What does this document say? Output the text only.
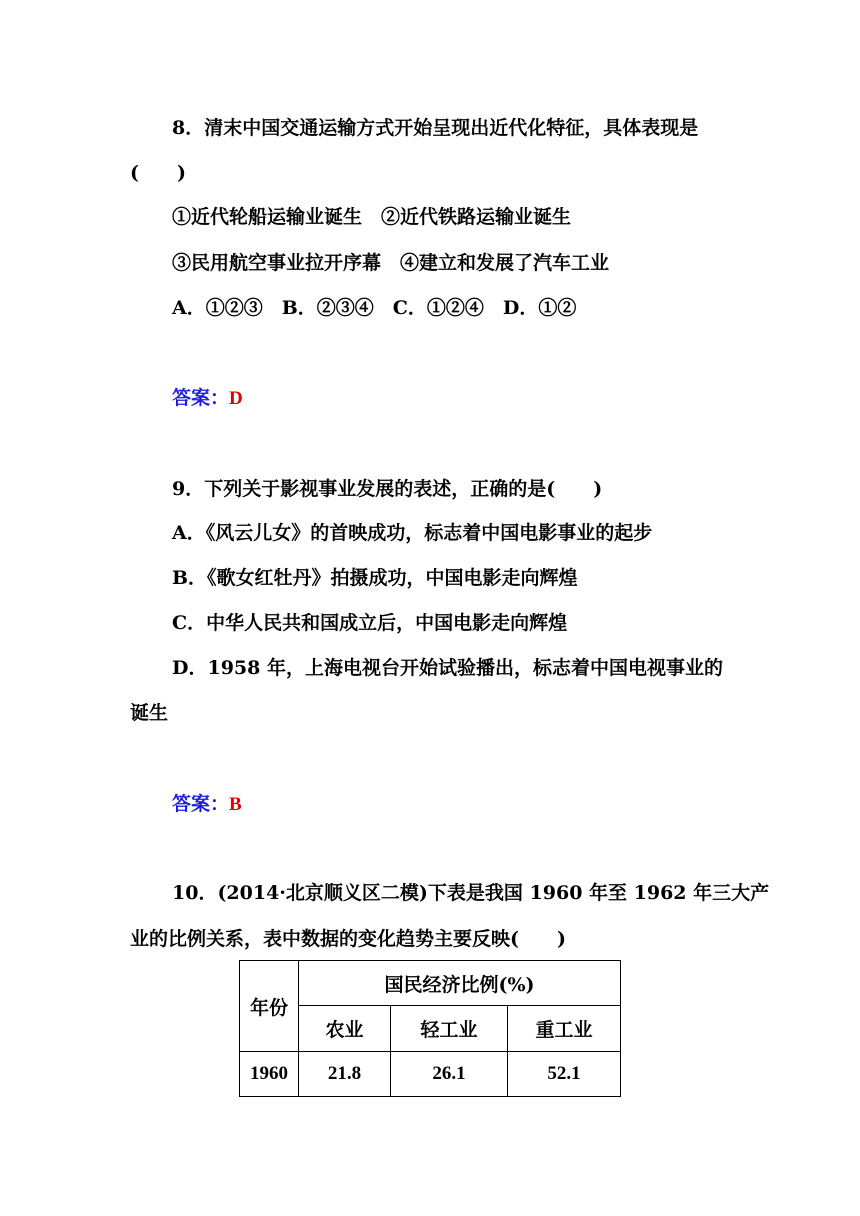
8．清末中国交通运输方式开始呈现出近代化特征，具体表现是
(　　)
①近代轮船运输业诞生　②近代铁路运输业诞生
③民用航空事业拉开序幕　④建立和发展了汽车工业
A．①②③　B．②③④　C．①②④　D．①②
答案：D
9．下列关于影视事业发展的表述，正确的是(　　)
A．《风云儿女》的首映成功，标志着中国电影事业的起步
B．《歌女红牡丹》拍摄成功，中国电影走向辉煌
C．中华人民共和国成立后，中国电影走向辉煌
D．1958 年，上海电视台开始试验播出，标志着中国电视事业的
诞生
答案：B
10．(2014·北京顺义区二模)下表是我国 1960 年至 1962 年三大产
业的比例关系，表中数据的变化趋势主要反映(　　)
年份	国民经济比例(%)		
	农业	轻工业	重工业
1960	21.8	26.1	52.1
